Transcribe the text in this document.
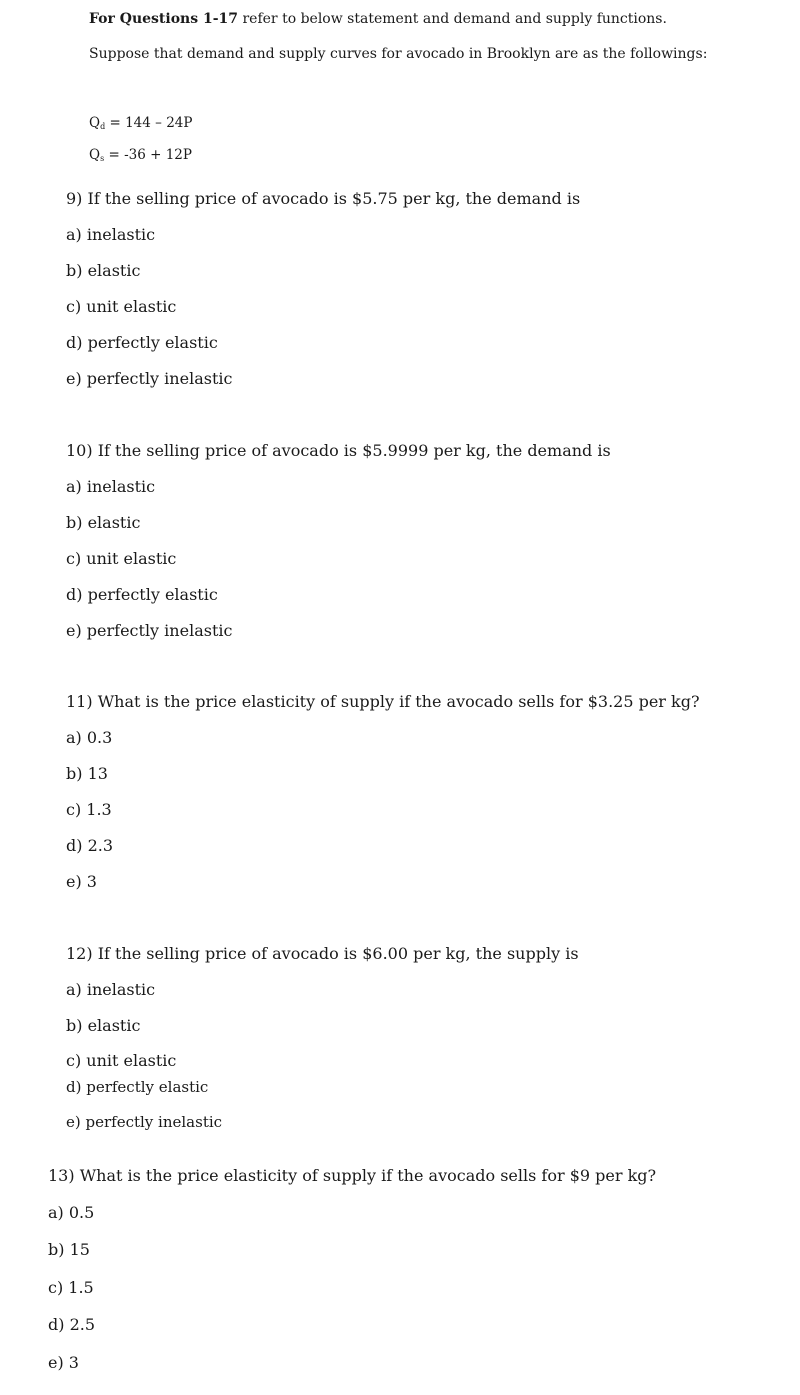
For Questions 1-17 refer to below statement and demand and supply functions.
Suppose that demand and supply curves for avocado in Brooklyn are as the followings:
$Q_d = 144 - 24P$
$Q_s = -36 + 12P$
9) If the selling price of avocado is $5.75 per kg, the demand is
a) inelastic
b) elastic
c) unit elastic
d) perfectly elastic
e) perfectly inelastic
10) If the selling price of avocado is $5.9999 per kg, the demand is
a) inelastic
b) elastic
c) unit elastic
d) perfectly elastic
e) perfectly inelastic
11) What is the price elasticity of supply if the avocado sells for $3.25 per kg?
a) 0.3
b) 13
c) 1.3
d) 2.3
e) 3
12) If the selling price of avocado is $6.00 per kg, the supply is
a) inelastic
b) elastic
c) unit elastic
d) perfectly elastic
e) perfectly inelastic
13) What is the price elasticity of supply if the avocado sells for $9 per kg?
a) 0.5
b) 15
c) 1.5
d) 2.5
e) 3
